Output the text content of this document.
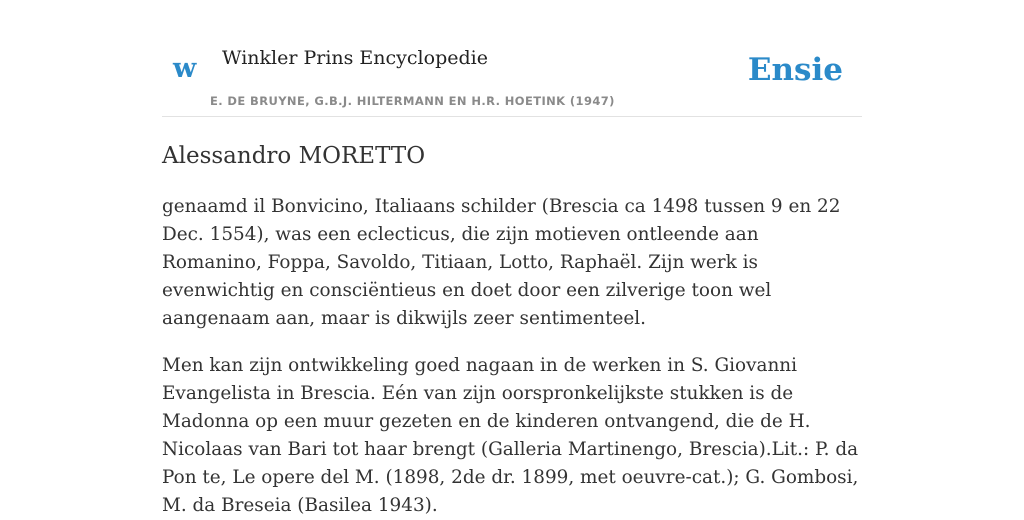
w Winkler Prins Encyclopedie
E. DE BRUYNE, G.B.J. HILTERMANN EN H.R. HOETINK (1947)
Ensie
Alessandro MORETTO

genaamd il Bonvicino, Italiaans schilder (Brescia ca 1498 tussen 9 en 22 Dec. 1554), was een eclecticus, die zijn motieven ontleende aan Romanino, Foppa, Savoldo, Titiaan, Lotto, Raphaël. Zijn werk is evenwichtig en consciëntieus en doet door een zilverige toon wel aangenaam aan, maar is dikwijls zeer sentimenteel.

Men kan zijn ontwikkeling goed nagaan in de werken in S. Giovanni Evangelista in Brescia. Eén van zijn oorspronkelijkste stukken is de Madonna op een muur gezeten en de kinderen ontvangend, die de H. Nicolaas van Bari tot haar brengt (Galleria Martinengo, Brescia).Lit.: P. da Pon te, Le opere del M. (1898, 2de dr. 1899, met oeuvre-cat.); G. Gombosi, M. da Breseia (Basilea 1943).
